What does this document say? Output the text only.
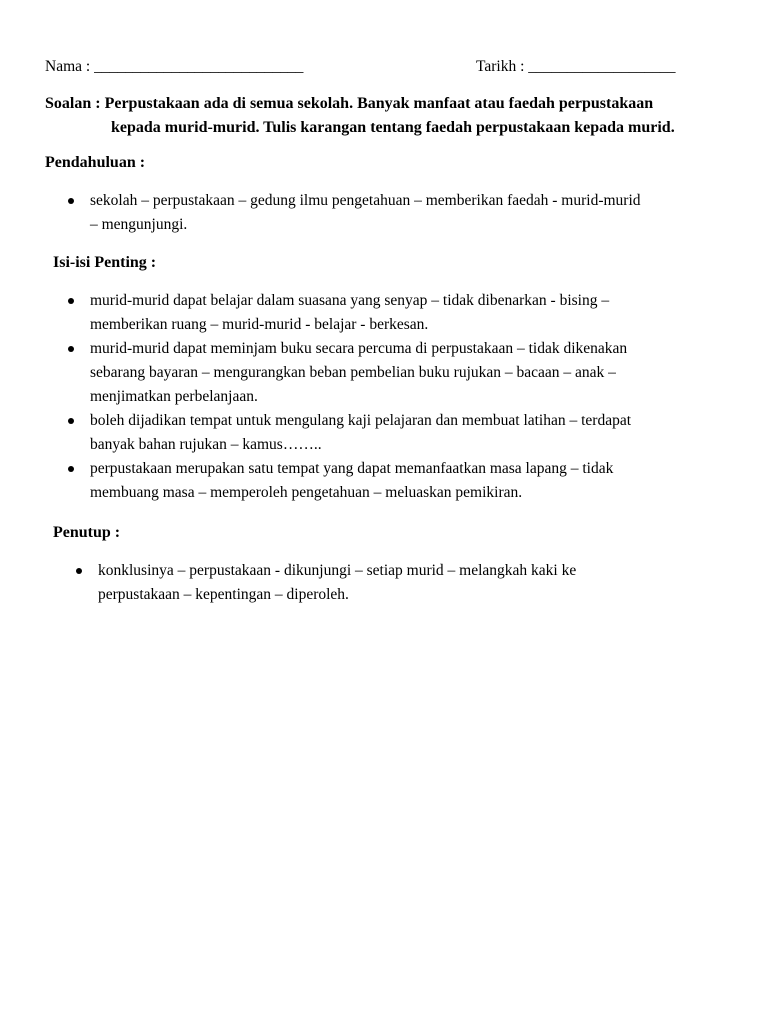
Nama : ___________________________	Tarikh : ___________________
Soalan : Perpustakaan ada di semua sekolah. Banyak manfaat atau faedah perpustakaan
kepada murid-murid. Tulis karangan tentang faedah perpustakaan kepada murid.
Pendahuluan :
sekolah – perpustakaan – gedung ilmu pengetahuan – memberikan faedah - murid-murid
– mengunjungi.
Isi-isi Penting :
murid-murid dapat belajar dalam suasana yang senyap – tidak dibenarkan - bising –
memberikan ruang – murid-murid - belajar - berkesan.
murid-murid dapat meminjam buku secara percuma di perpustakaan – tidak dikenakan
sebarang bayaran – mengurangkan beban pembelian buku rujukan – bacaan – anak –
menjimatkan perbelanjaan.
boleh dijadikan tempat untuk mengulang kaji pelajaran dan membuat latihan – terdapat
banyak bahan rujukan – kamus……..
perpustakaan merupakan satu tempat yang dapat memanfaatkan masa lapang – tidak
membuang masa – memperoleh pengetahuan – meluaskan pemikiran.
Penutup :
konklusinya – perpustakaan - dikunjungi – setiap murid – melangkah kaki ke
perpustakaan – kepentingan – diperoleh.
